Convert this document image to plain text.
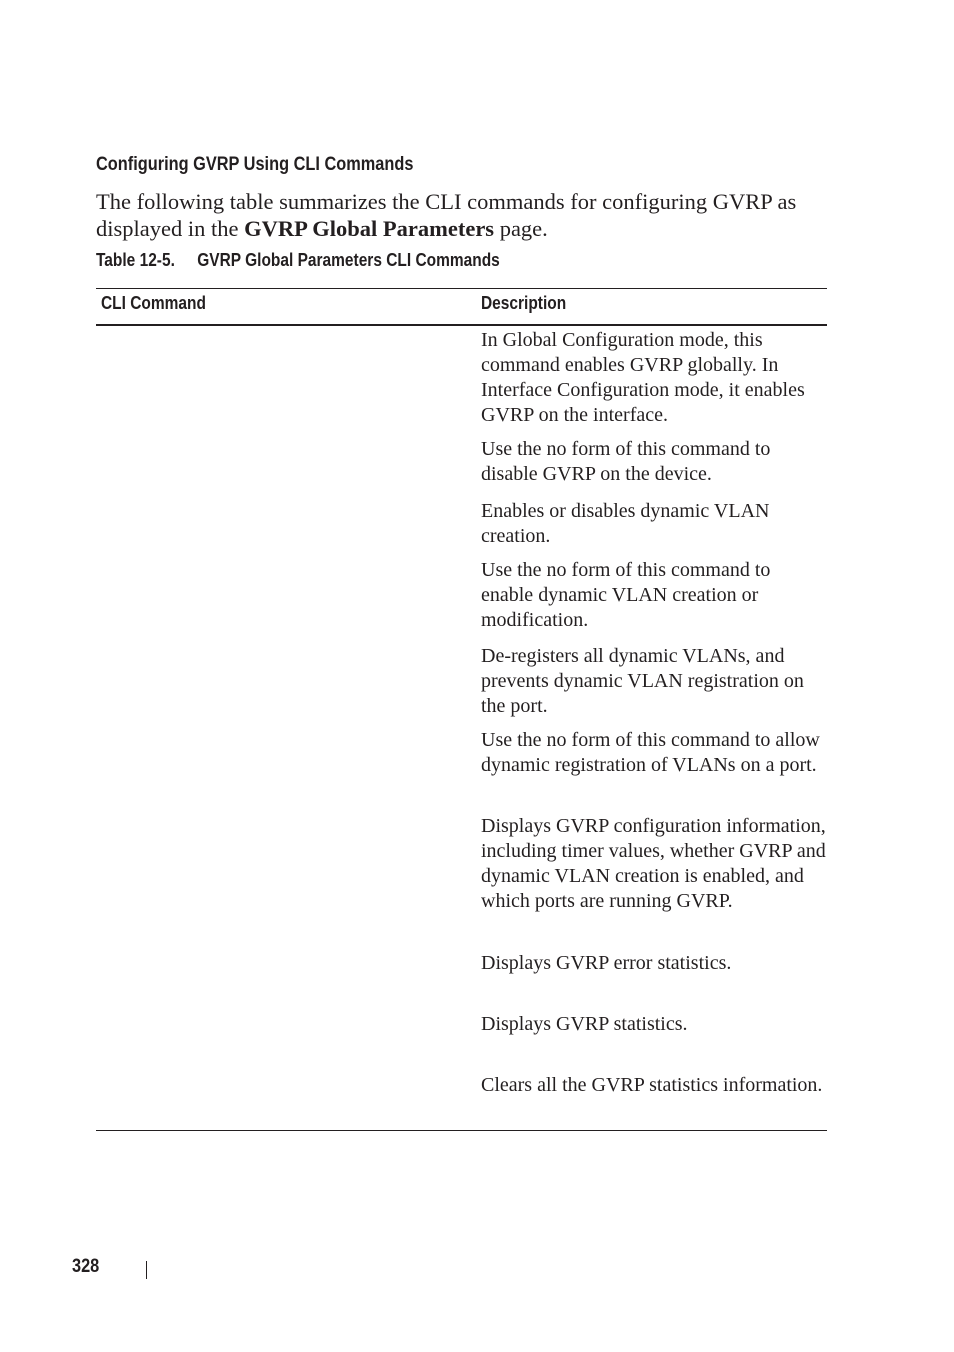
Configuring GVRP Using CLI Commands
The following table summarizes the CLI commands for configuring GVRP as displayed in the GVRP Global Parameters page.
Table 12-5. GVRP Global Parameters CLI Commands
CLI Command	Description
In Global Configuration mode, this command enables GVRP globally. In Interface Configuration mode, it enables GVRP on the interface.
Use the no form of this command to disable GVRP on the device.
Enables or disables dynamic VLAN creation.
Use the no form of this command to enable dynamic VLAN creation or modification.
De-registers all dynamic VLANs, and prevents dynamic VLAN registration on the port.
Use the no form of this command to allow dynamic registration of VLANs on a port.
Displays GVRP configuration information, including timer values, whether GVRP and dynamic VLAN creation is enabled, and which ports are running GVRP.
Displays GVRP error statistics.
Displays GVRP statistics.
Clears all the GVRP statistics information.
328
